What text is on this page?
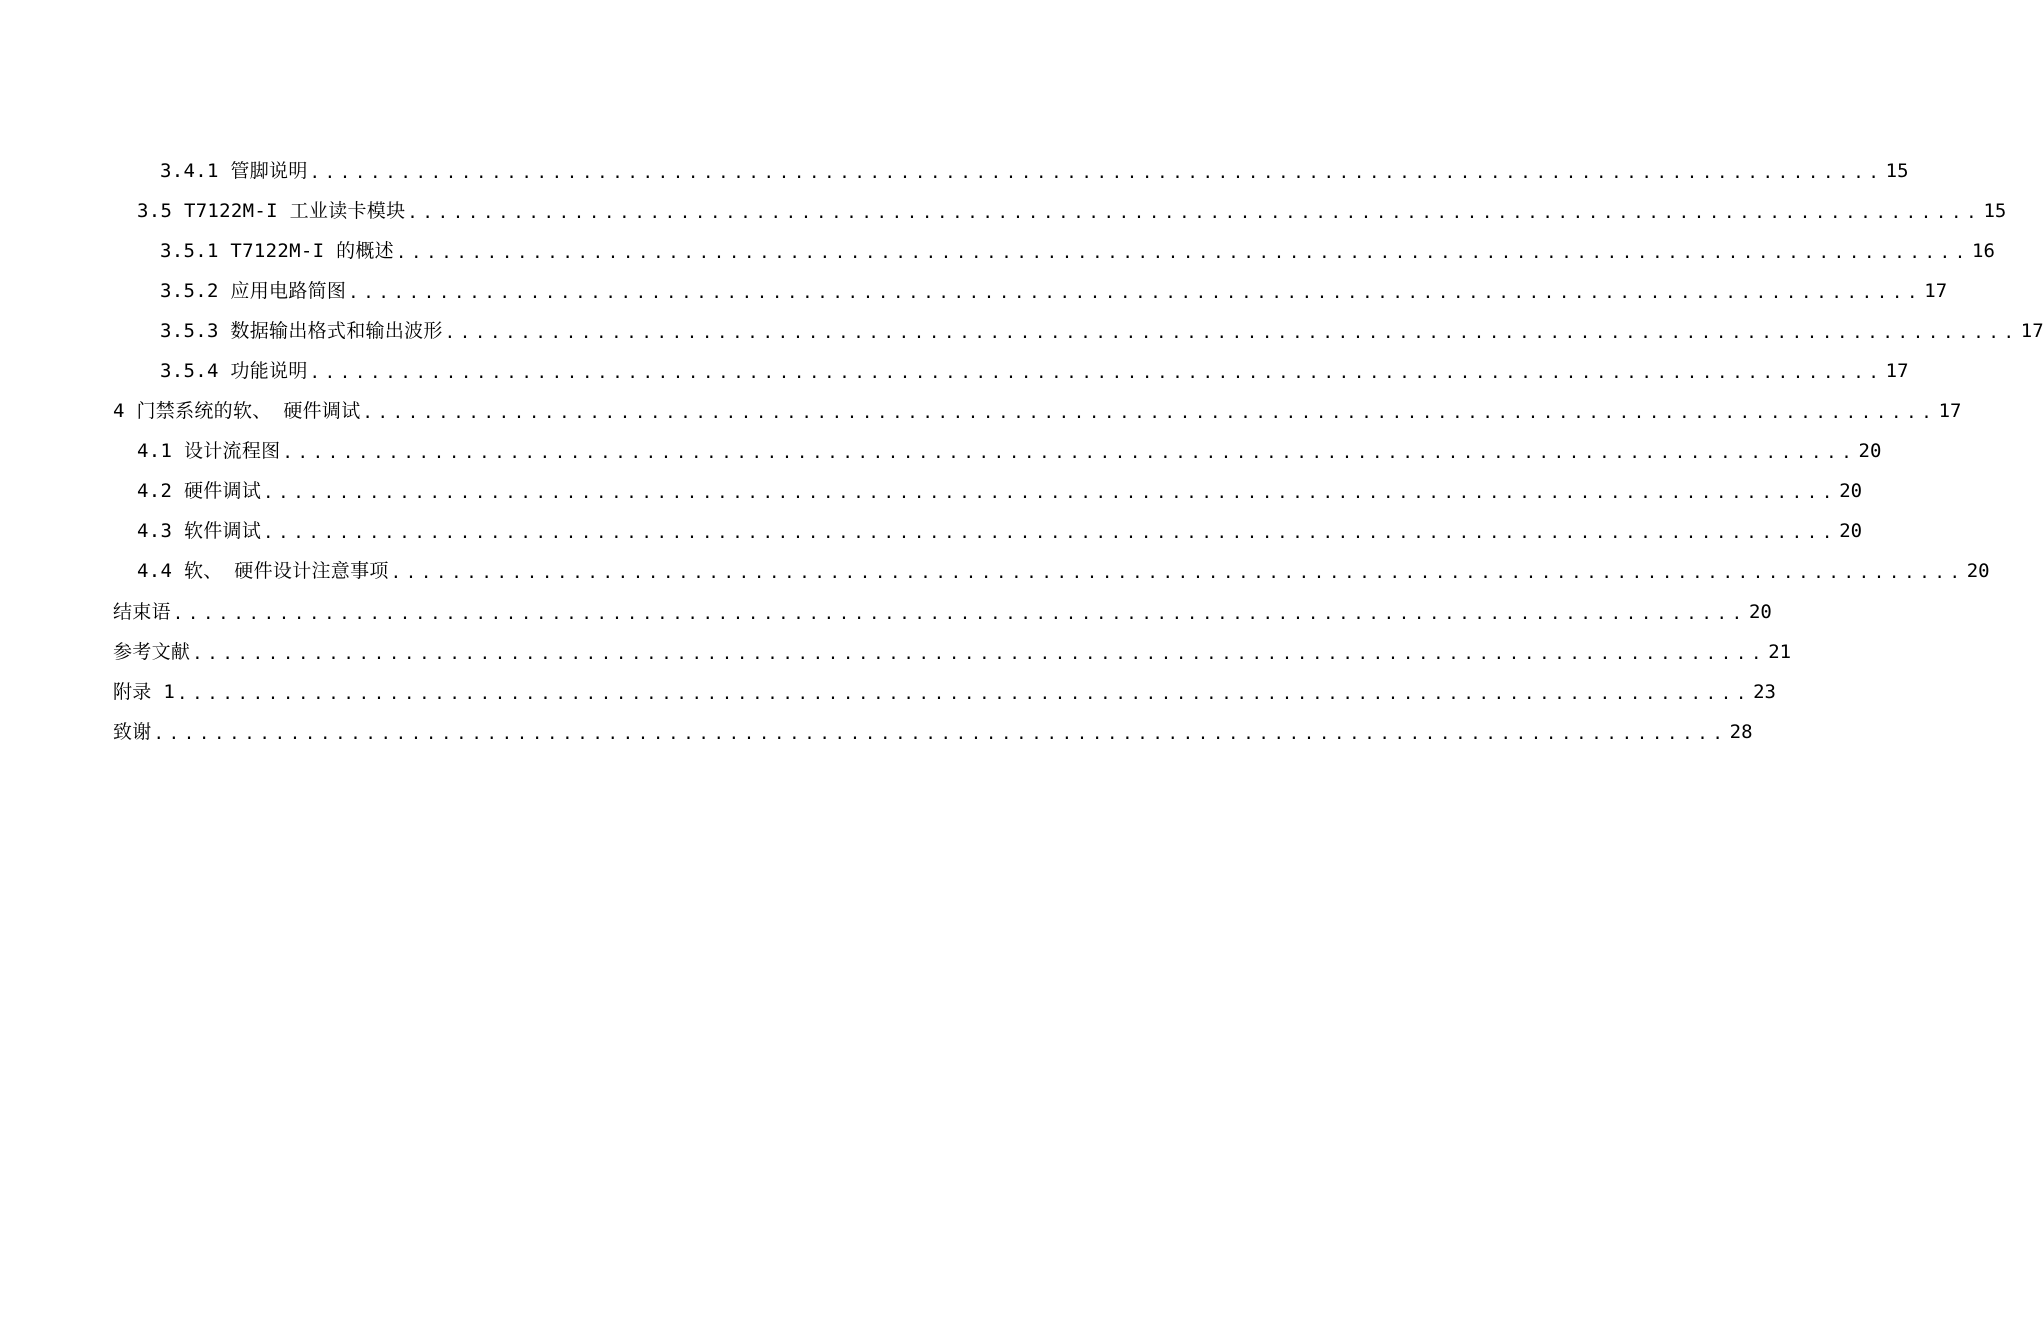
3.4.1 管脚说明 ........................................................................................................ 15
3.5 T7122M-I 工业读卡模块 ........................................................................................................ 15
3.5.1 T7122M-I 的概述 ........................................................................................................ 16
3.5.2 应用电路简图 ........................................................................................................ 17
3.5.3 数据输出格式和输出波形 ........................................................................................................ 17
3.5.4 功能说明 ........................................................................................................ 17
4 门禁系统的软、 硬件调试 ........................................................................................................ 17
4.1 设计流程图 ........................................................................................................ 20
4.2 硬件调试 ........................................................................................................ 20
4.3 软件调试 ........................................................................................................ 20
4.4 软、 硬件设计注意事项 ........................................................................................................ 20
结束语 ........................................................................................................ 20
参考文献 ........................................................................................................ 21
附录 1 ........................................................................................................ 23
致谢 ........................................................................................................ 28
